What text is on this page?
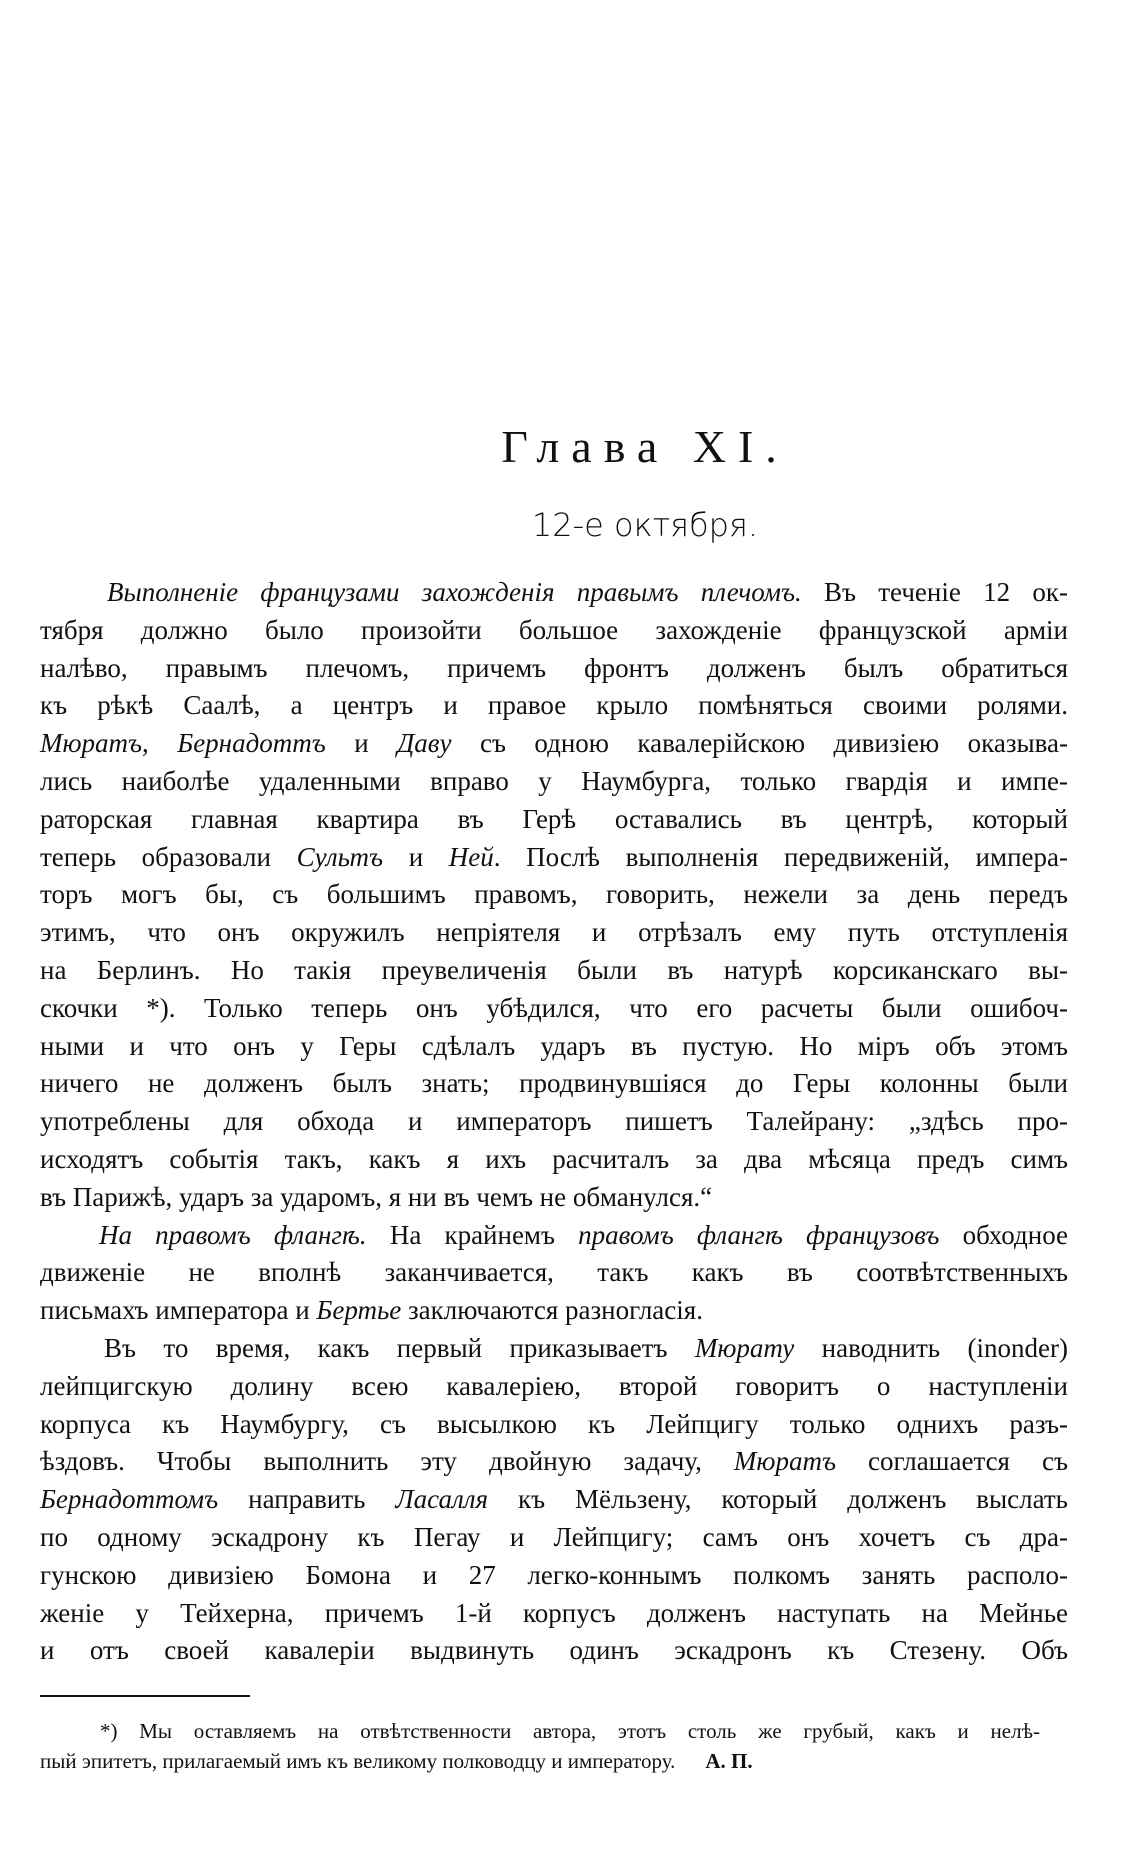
Глава XI.
12-е октября.
Выполненіе французами захожденія правымъ плечомъ. Въ теченіе 12 ок-
тября должно было произойти большое захожденіе французской арміи
налѣво, правымъ плечомъ, причемъ фронтъ долженъ былъ обратиться
къ рѣкѣ Саалѣ, а центръ и правое крыло помѣняться своими ролями.
Мюратъ, Бернадоттъ и Даву съ одною кавалерійскою дивизіею оказыва-
лись наиболѣе удаленными вправо у Наумбурга, только гвардія и импе-
раторская главная квартира въ Герѣ оставались въ центрѣ, который
теперь образовали Сультъ и Ней. Послѣ выполненія передвиженій, импера-
торъ могъ бы, съ большимъ правомъ, говорить, нежели за день передъ
этимъ, что онъ окружилъ непріятеля и отрѣзалъ ему путь отступленія
на Берлинъ. Но такія преувеличенія были въ натурѣ корсиканскаго вы-
скочки *). Только теперь онъ убѣдился, что его расчеты были ошибоч-
ными и что онъ у Геры сдѣлалъ ударъ въ пустую. Но міръ объ этомъ
ничего не долженъ былъ знать; продвинувшіяся до Геры колонны были
употреблены для обхода и императоръ пишетъ Талейрану: „здѣсь про-
исходятъ событія такъ, какъ я ихъ расчиталъ за два мѣсяца предъ симъ
въ Парижѣ, ударъ за ударомъ, я ни въ чемъ не обманулся.“
На правомъ флангѣ. На крайнемъ правомъ флангѣ французовъ обходное
движеніе не вполнѣ заканчивается, такъ какъ въ соотвѣтственныхъ
письмахъ императора и Бертье заключаются разногласія.
Въ то время, какъ первый приказываетъ Мюрату наводнить (inonder)
лейпцигскую долину всею кавалеріею, второй говоритъ о наступленіи
корпуса къ Наумбургу, съ высылкою къ Лейпцигу только однихъ разъ-
ѣздовъ. Чтобы выполнить эту двойную задачу, Мюратъ соглашается съ
Бернадоттомъ направить Ласалля къ Мёльзену, который долженъ выслать
по одному эскадрону къ Пегау и Лейпцигу; самъ онъ хочетъ съ дра-
гунскою дивизіею Бомона и 27 легко-коннымъ полкомъ занять располо-
женіе у Тейхерна, причемъ 1-й корпусъ долженъ наступать на Мейнье
и отъ своей кавалеріи выдвинуть одинъ эскадронъ къ Стезену. Объ
*) Мы оставляемъ на отвѣтственности автора, этотъ столь же грубый, какъ и нелѣ-
пый эпитетъ, прилагаемый имъ къ великому полководцу и императору. А. П.
